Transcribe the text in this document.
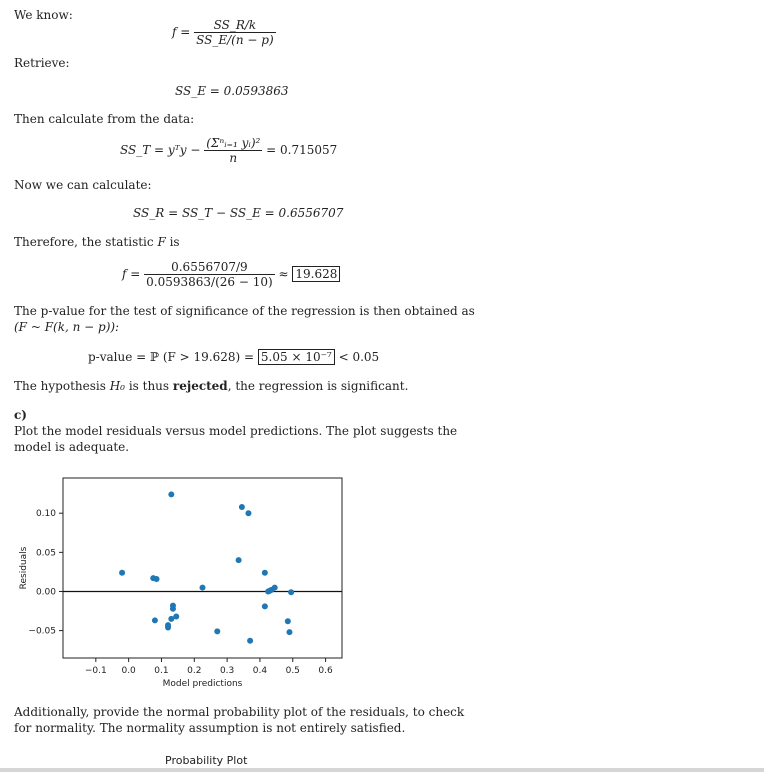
We know:
$f = \frac{SS\_R/k}{SS\_E/(n - p)}$
Retrieve:
SS_E = 0.0593863
Then calculate from the data:
SS_T = yᵀy − $\frac{\text{(Σⁿᵢ₌₁ yᵢ)²}}{n} = 0.715057$
Now we can calculate:
SS_R = SS_T − SS_E = 0.6556707
Therefore, the statistic F is
$f = \frac{0.6556707/9}{0.0593863/(26 - 10)} \approx 19.628$
The p-value for the test of significance of the regression is then obtained as
(F ~ F(k, n − p)):
p-value = ℙ (F > 19.628) = 5.05 × 10⁻⁷ < 0.05
The hypothesis H₀ is thus rejected, the regression is significant.
c)
Plot the model residuals versus model predictions. The plot suggests the
model is adequate.
−0.1 0.0 0.1 0.2 0.3 0.4 0.5 0.6
−0.05
0.00
0.05
0.10
Model predictions
Residuals
Additionally, provide the normal probability plot of the residuals, to check
for normality. The normality assumption is not entirely satisfied.
Probability Plot
